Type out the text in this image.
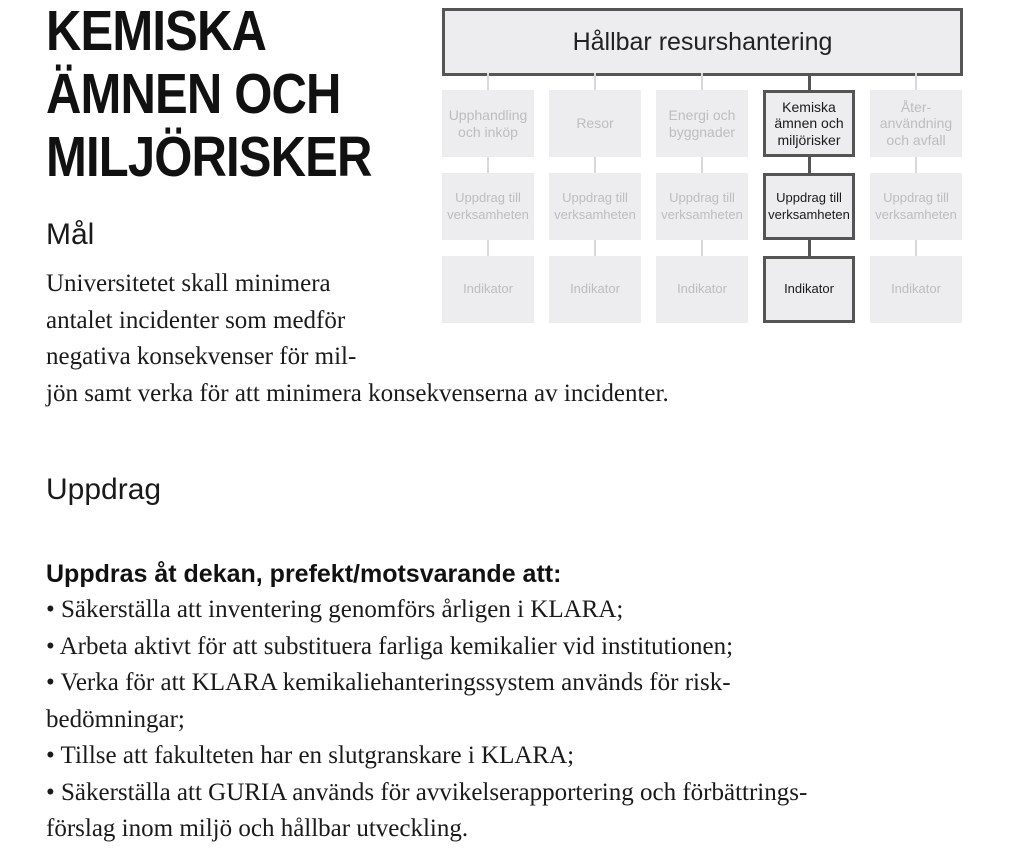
KEMISKA
ÄMNEN OCH
MILJÖRISKER
Mål

Universitetet skall minimera
antalet incidenter som medför
negativa konsekvenser för mil-
jön samt verka för att minimera konsekvenserna av incidenter.

Uppdrag
Uppdras åt dekan, prefekt/motsvarande att:
• Säkerställa att inventering genomförs årligen i KLARA;
• Arbeta aktivt för att substituera farliga kemikalier vid institutionen;
• Verka för att KLARA kemikaliehanteringssystem används för risk-
bedömningar;
• Tillse att fakulteten har en slutgranskare i KLARA;
• Säkerställa att GURIA används för avvikelserapportering och förbättrings-
förslag inom miljö och hållbar utveckling.
Hållbar resurshantering
Upphandling
och inköp
Uppdrag till
verksamheten
Indikator
Resor
Uppdrag till
verksamheten
Indikator
Energi och
byggnader
Uppdrag till
verksamheten
Indikator
Kemiska
ämnen och
miljörisker
Uppdrag till
verksamheten
Indikator
Åter-
användning
och avfall
Uppdrag till
verksamheten
Indikator
